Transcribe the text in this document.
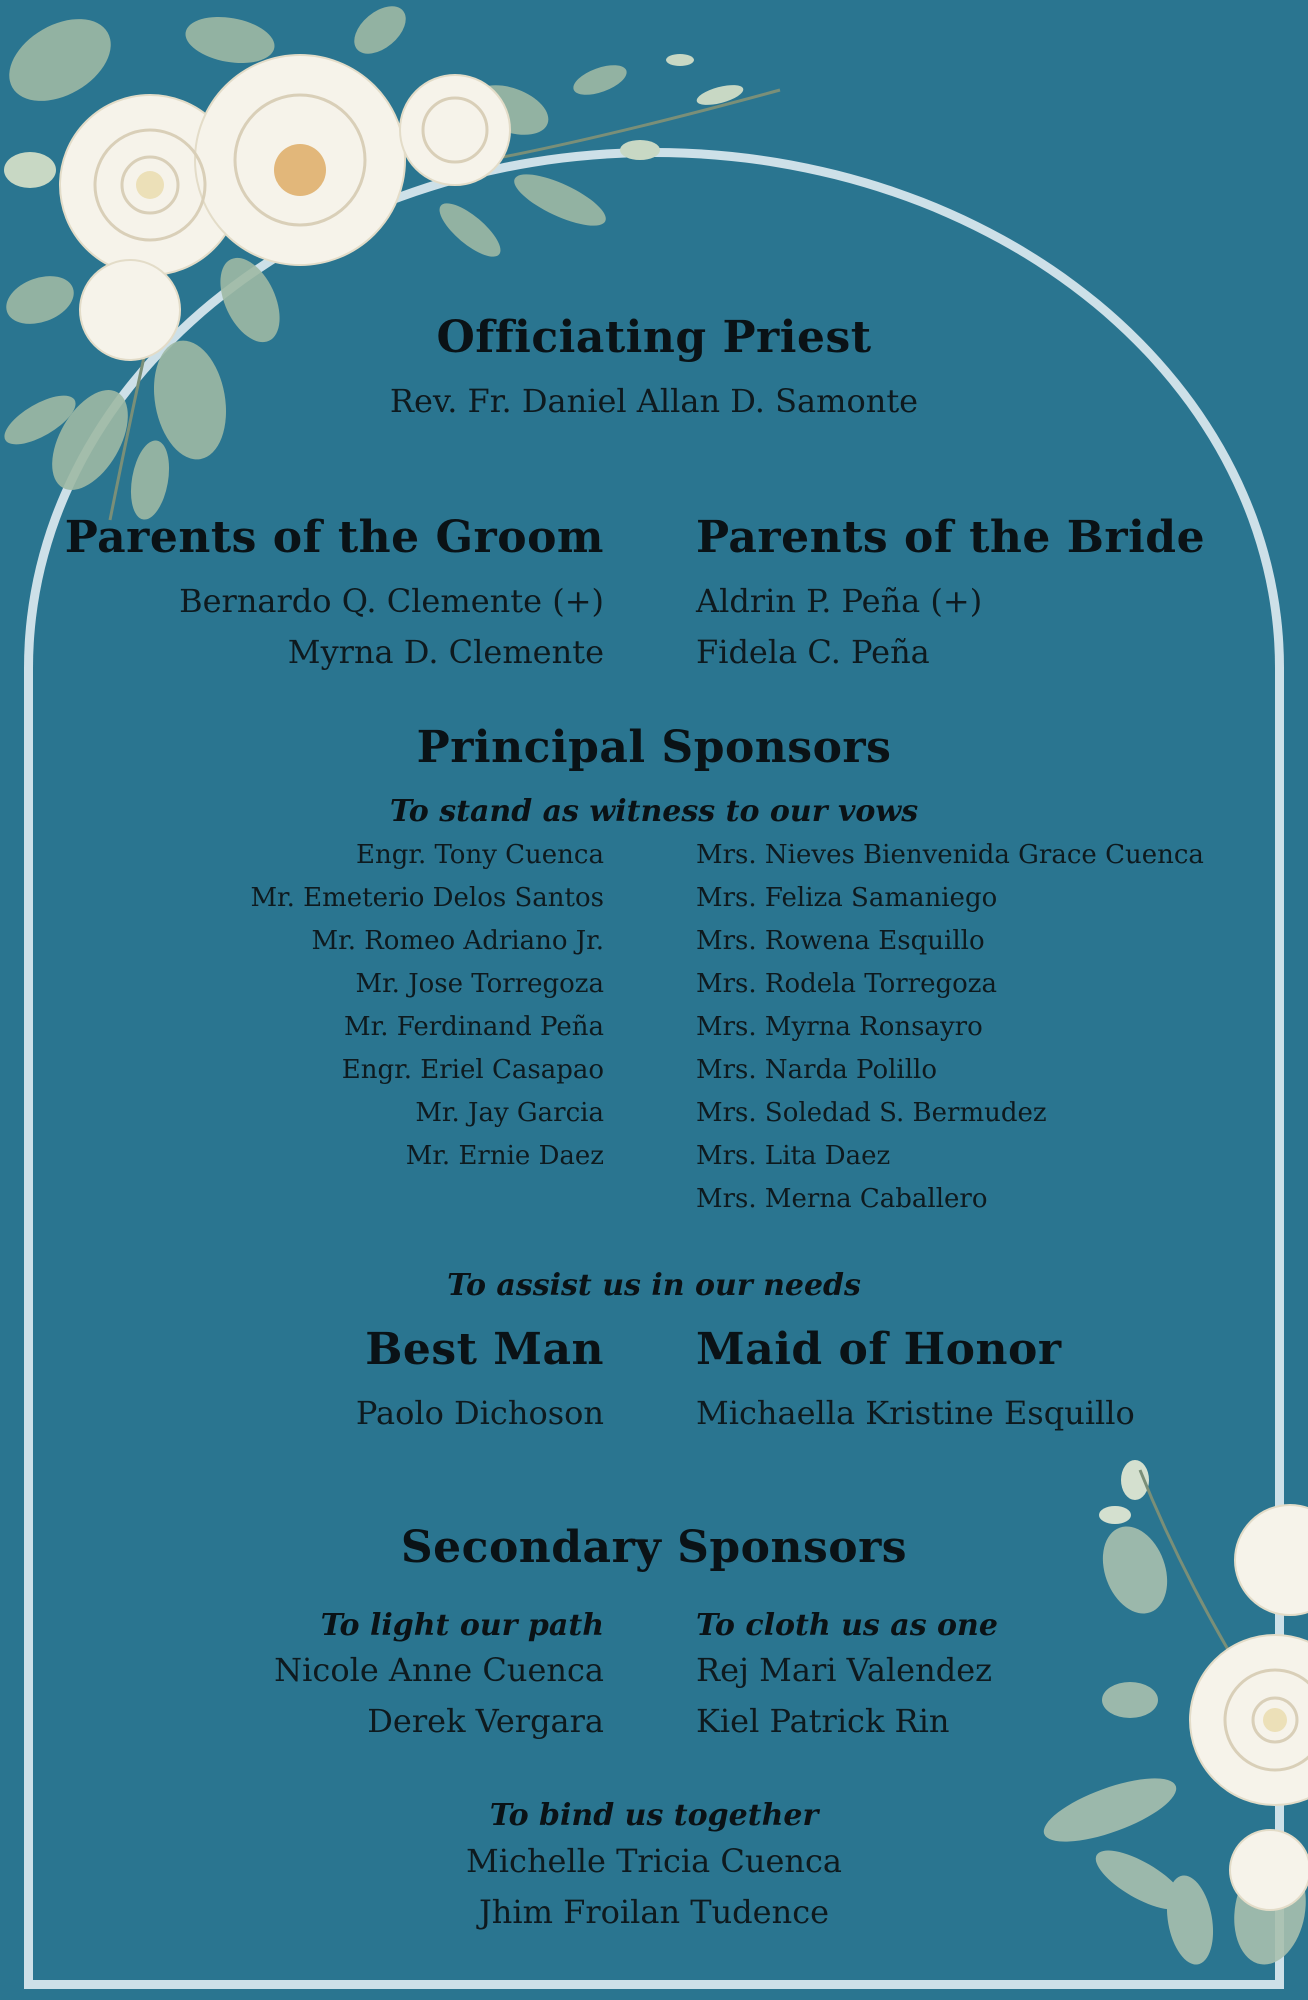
Officiating Priest
Rev. Fr. Daniel Allan D. Samonte
Parents of the Groom Parents of the Bride
Bernardo Q. Clemente (+)
Myrna D. Clemente
Aldrin P. Peña (+)
Fidela C. Peña
Principal Sponsors
To stand as witness to our vows
Engr. Tony Cuenca
Mr. Emeterio Delos Santos
Mr. Romeo Adriano Jr.
Mr. Jose Torregoza
Mr. Ferdinand Peña
Engr. Eriel Casapao
Mr. Jay Garcia
Mr. Ernie Daez
Mrs. Nieves Bienvenida Grace Cuenca
Mrs. Feliza Samaniego
Mrs. Rowena Esquillo
Mrs. Rodela Torregoza
Mrs. Myrna Ronsayro
Mrs. Narda Polillo
Mrs. Soledad S. Bermudez
Mrs. Lita Daez
Mrs. Merna Caballero
To assist us in our needs
Best Man Maid of Honor
Paolo Dichoson	Michaella Kristine Esquillo
Secondary Sponsors
To light our path	To cloth us as one
Nicole Anne Cuenca
Derek Vergara
Rej Mari Valendez
Kiel Patrick Rin
To bind us together
Michelle Tricia Cuenca
Jhim Froilan Tudence
